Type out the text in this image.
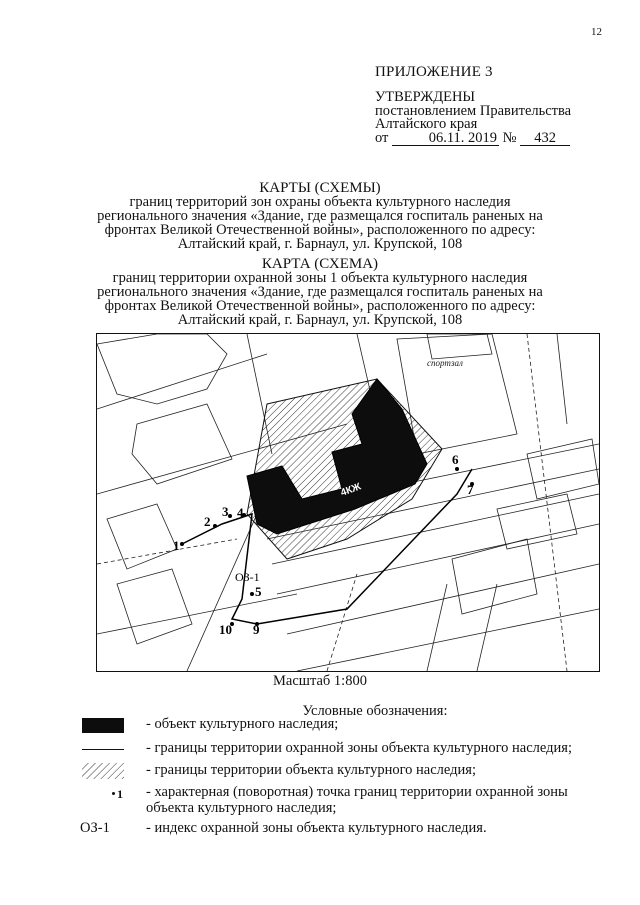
12
ПРИЛОЖЕНИЕ 3
УТВЕРЖДЕНЫ
постановлением Правительства
Алтайского края
от	06.11. 2019 № 432
КАРТЫ (СХЕМЫ)
границ территорий зон охраны объекта культурного наследия
регионального значения «Здание, где размещался госпиталь раненых на
фронтах Великой Отечественной войны», расположенного по адресу:
Алтайский край, г. Барнаул, ул. Крупской, 108
КАРТА (СХЕМА)
границ территории охранной зоны 1 объекта культурного наследия
регионального значения «Здание, где размещался госпиталь раненых на
фронтах Великой Отечественной войны», расположенного по адресу:
Алтайский край, г. Барнаул, ул. Крупской, 108
1
2
3 4
5
6
7
9
10
ОЗ-1
4КЖ
спортзал
Масштаб 1:800
Условные обозначения:
- объект культурного наследия;
- границы территории охранной зоны объекта культурного наследия;
- границы территории объекта культурного наследия;
1 - характерная (поворотная) точка границ территории охранной зоны объекта культурного наследия;
ОЗ-1 - индекс охранной зоны объекта культурного наследия.
